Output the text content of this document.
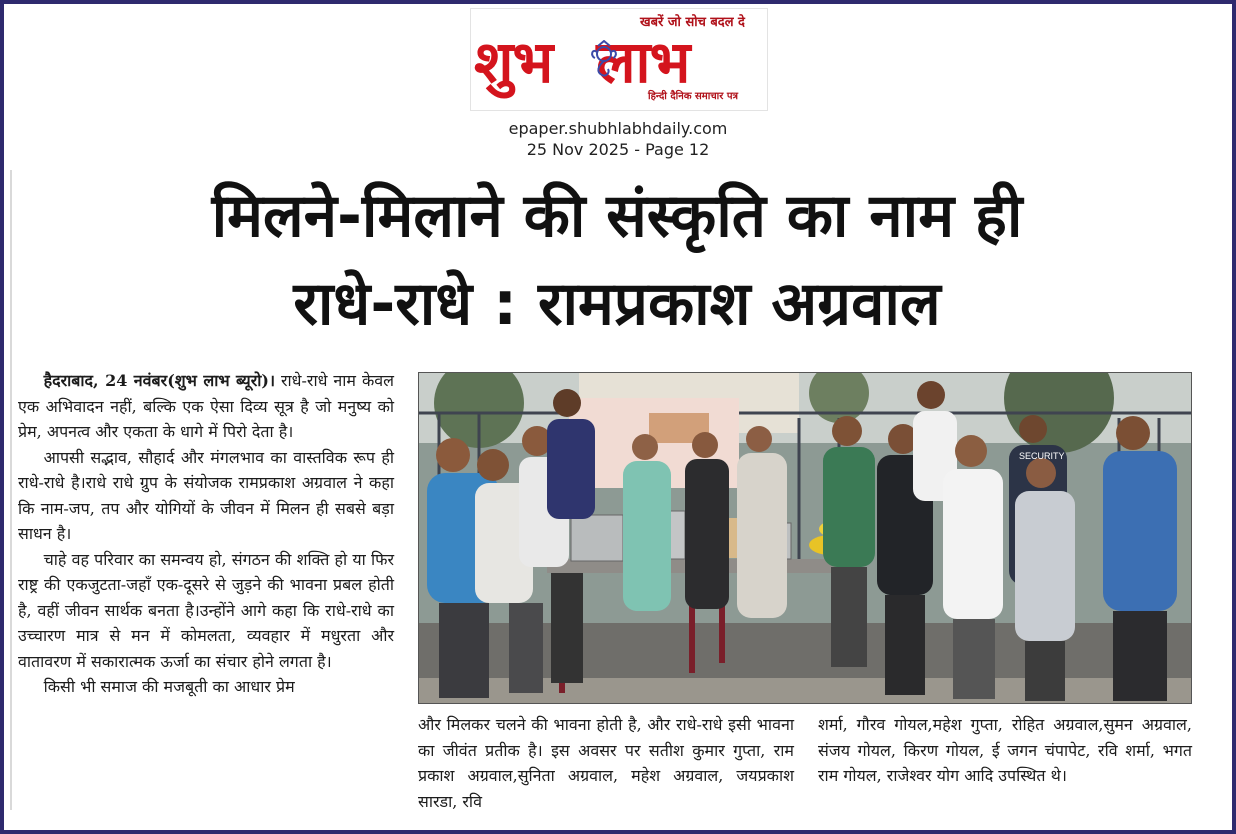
खबरें जो सोच बदल दे
शुभ लाभ
हिन्दी दैनिक समाचार पत्र
epaper.shubhlabhdaily.com
25 Nov 2025 - Page 12
मिलने-मिलाने की संस्कृति का नाम ही
राधे-राधे : रामप्रकाश अग्रवाल

हैदराबाद, 24 नवंबर(शुभ लाभ ब्यूरो)। राधे-राधे नाम केवल एक अभिवादन नहीं, बल्कि एक ऐसा दिव्य सूत्र है जो मनुष्य को प्रेम, अपनत्व और एकता के धागे में पिरो देता है।

आपसी सद्भाव, सौहार्द और मंगलभाव का वास्तविक रूप ही राधे-राधे है।राधे राधे ग्रुप के संयोजक रामप्रकाश अग्रवाल ने कहा कि नाम-जप, तप और योगियों के जीवन में मिलन ही सबसे बड़ा साधन है।

चाहे वह परिवार का समन्वय हो, संगठन की शक्ति हो या फिर राष्ट्र की एकजुटता-जहाँ एक-दूसरे से जुड़ने की भावना प्रबल होती है, वहीं जीवन सार्थक बनता है।उन्होंने आगे कहा कि राधे-राधे का उच्चारण मात्र से मन में कोमलता, व्यवहार में मधुरता और वातावरण में सकारात्मक ऊर्जा का संचार होने लगता है।

किसी भी समाज की मजबूती का आधार प्रेम

SECURITY

और मिलकर चलने की भावना होती है, और राधे-राधे इसी भावना का जीवंत प्रतीक है। इस अवसर पर सतीश कुमार गुप्ता, राम प्रकाश अग्रवाल,सुनिता अग्रवाल, महेश अग्रवाल, जयप्रकाश सारडा, रवि

शर्मा, गौरव गोयल,महेश गुप्ता, रोहित अग्रवाल,सुमन अग्रवाल, संजय गोयल, किरण गोयल, ई जगन चंपापेट, रवि शर्मा, भगत राम गोयल, राजेश्वर योग आदि उपस्थित थे।
